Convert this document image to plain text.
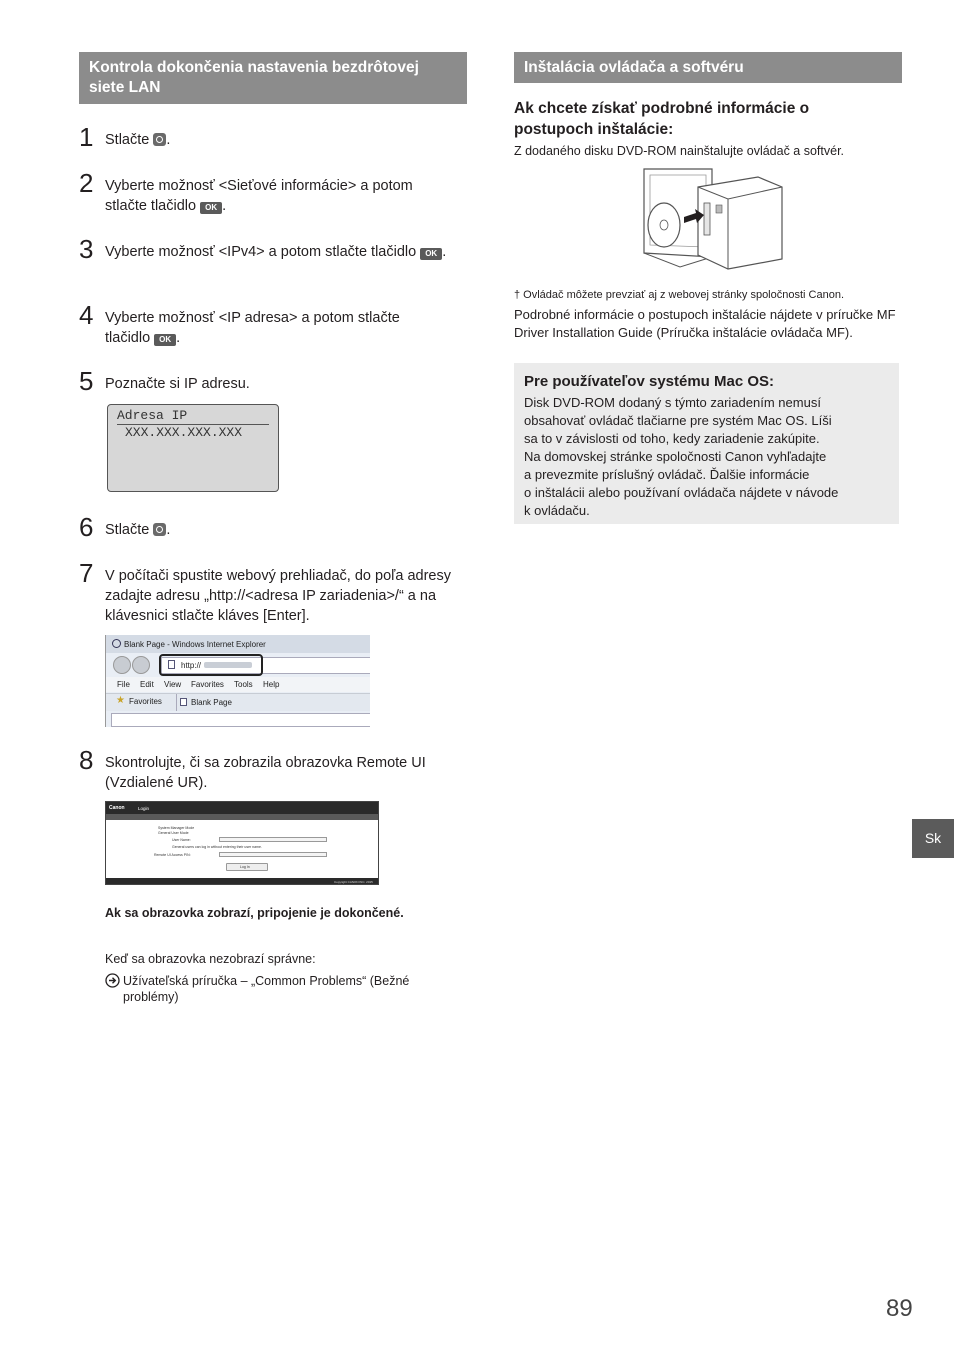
Kontrola dokončenia nastavenia bezdrôtovej siete LAN
1 Stlačte .
2 Vyberte možnosť <Sieťové informácie> a potom stlačte tlačidlo OK .
3 Vyberte možnosť <IPv4> a potom stlačte tlačidlo OK .
4 Vyberte možnosť <IP adresa> a potom stlačte tlačidlo OK .
5 Poznačte si IP adresu.
Adresa IP
XXX.XXX.XXX.XXX
6 Stlačte .
7 V počítači spustite webový prehliadač, do poľa adresy zadajte adresu „http://<adresa IP zariadenia>/“ a na klávesnici stlačte kláves [Enter].
Blank Page - Windows Internet Explorer
http://
File Edit View Favorites Tools Help
★ Favorites	Blank Page
8 Skontrolujte, či sa zobrazila obrazovka Remote UI (Vzdialené UR).
Canon	Login
System Manager Mode
General User Mode
User Name:
General users can log in without entering their user name.
Remote UI Access PIN:
Log In
Copyright CANON INC. 2015
Ak sa obrazovka zobrazí, pripojenie je dokončené.
Keď sa obrazovka nezobrazí správne:
Užívateľská príručka – „Common Problems“ (Bežné problémy)
Inštalácia ovládača a softvéru
Ak chcete získať podrobné informácie o postupoch inštalácie:
Z dodaného disku DVD-ROM nainštalujte ovládač a softvér.
† Ovládač môžete prevziať aj z webovej stránky spoločnosti Canon.
Podrobné informácie o postupoch inštalácie nájdete v príručke MF Driver Installation Guide (Príručka inštalácie ovládača MF).
Pre používateľov systému Mac OS:
Disk DVD-ROM dodaný s týmto zariadením nemusí
obsahovať ovládač tlačiarne pre systém Mac OS. Líši
sa to v závislosti od toho, kedy zariadenie zakúpite.
Na domovskej stránke spoločnosti Canon vyhľadajte
a prevezmite príslušný ovládač. Ďalšie informácie
o inštalácii alebo používaní ovládača nájdete v návode
k ovládaču.
Sk
89
